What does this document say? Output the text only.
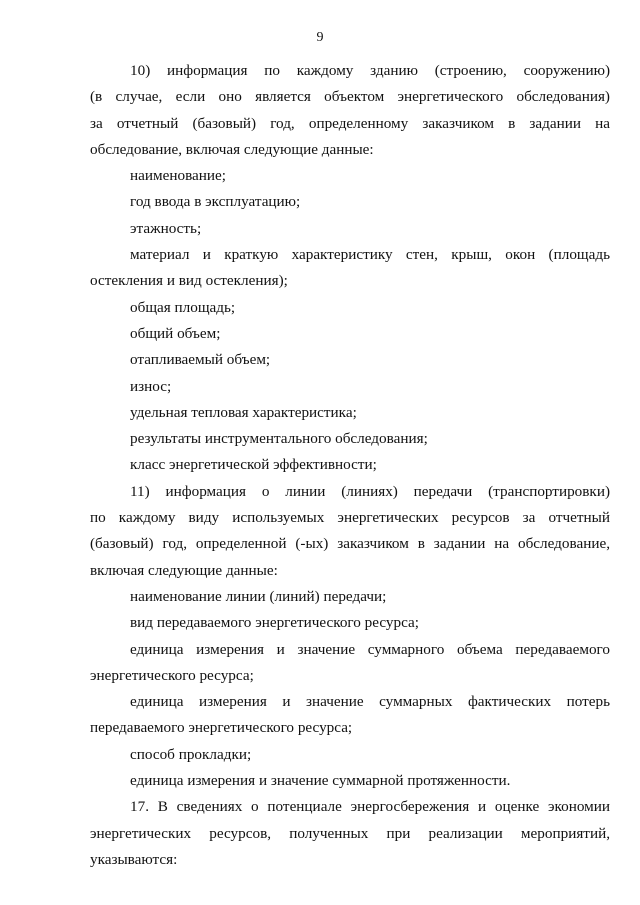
9
10) информация по каждому зданию (строению, сооружению)
(в случае, если оно является объектом энергетического обследования)
за отчетный (базовый) год, определенному заказчиком в задании на
обследование, включая следующие данные:

наименование;

год ввода в эксплуатацию;

этажность;

материал и краткую характеристику стен, крыш, окон (площадь
остекления и вид остекления);

общая площадь;

общий объем;

отапливаемый объем;

износ;

удельная тепловая характеристика;

результаты инструментального обследования;

класс энергетической эффективности;

11) информация о линии (линиях) передачи (транспортировки)
по каждому виду используемых энергетических ресурсов за отчетный
(базовый) год, определенной (-ых) заказчиком в задании на обследование,
включая следующие данные:

наименование линии (линий) передачи;

вид передаваемого энергетического ресурса;

единица измерения и значение суммарного объема передаваемого
энергетического ресурса;
единица измерения и значение суммарных фактических потерь
передаваемого энергетического ресурса;

способ прокладки;

единица измерения и значение суммарной протяженности.

17. В сведениях о потенциале энергосбережения и оценке экономии
энергетических ресурсов, полученных при реализации мероприятий,
указываются:
